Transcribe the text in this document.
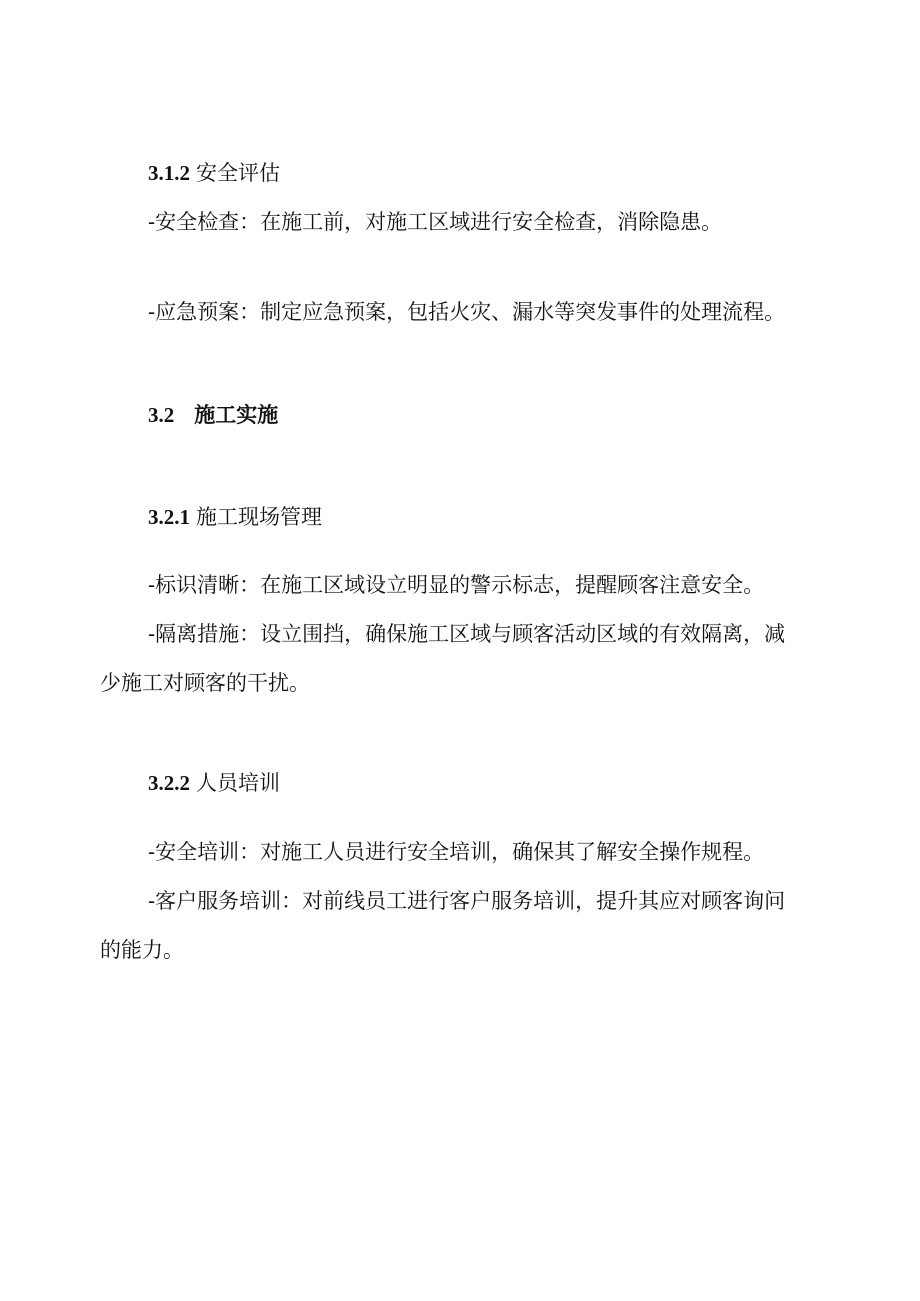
3.1.2 安全评估
-安全检查：在施工前，对施工区域进行安全检查，消除隐患。
-应急预案：制定应急预案，包括火灾、漏水等突发事件的处理流程。
3.2 施工实施
3.2.1 施工现场管理
-标识清晰：在施工区域设立明显的警示标志，提醒顾客注意安全。
-隔离措施：设立围挡，确保施工区域与顾客活动区域的有效隔离，减
少施工对顾客的干扰。
3.2.2 人员培训
-安全培训：对施工人员进行安全培训，确保其了解安全操作规程。
-客户服务培训：对前线员工进行客户服务培训，提升其应对顾客询问
的能力。
